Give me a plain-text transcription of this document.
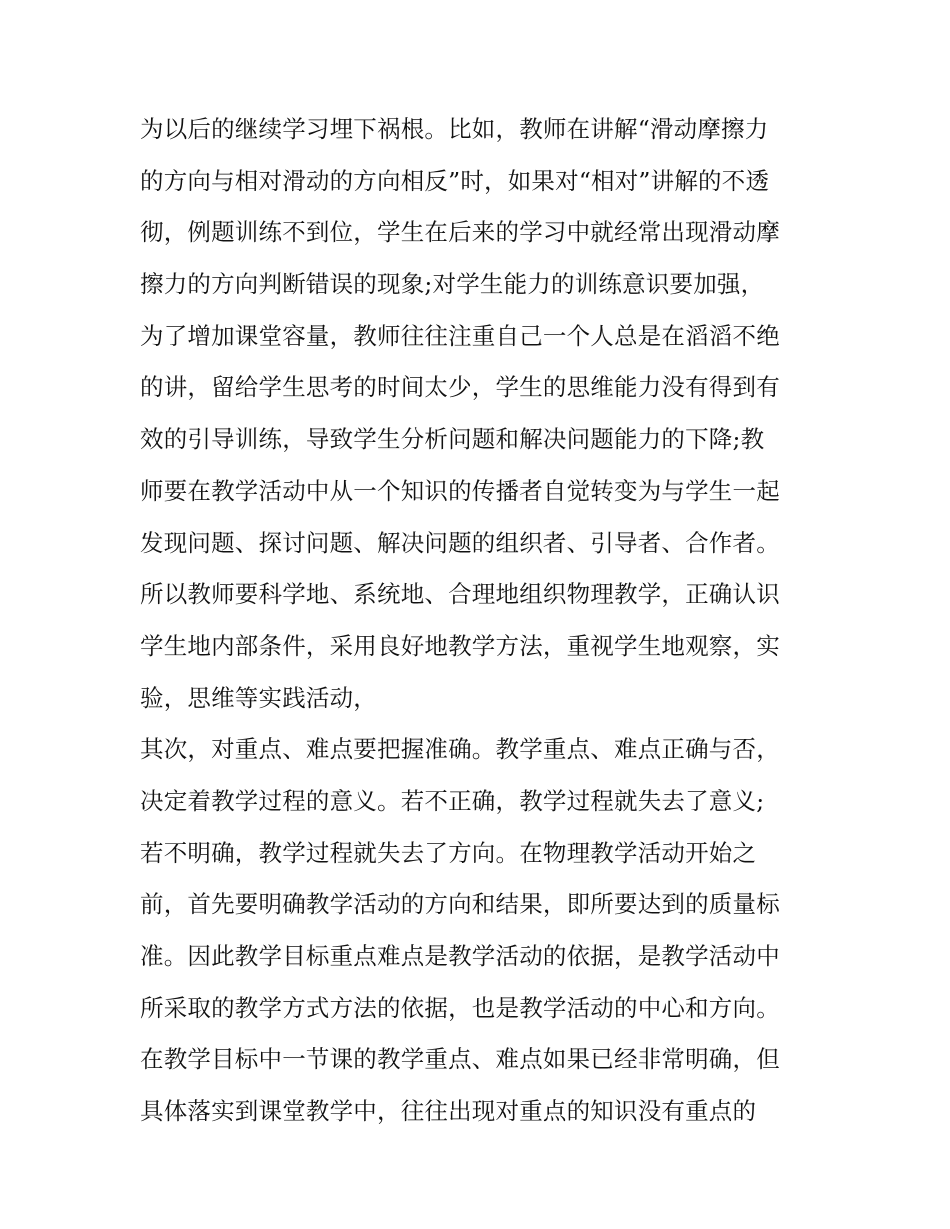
为以后的继续学习埋下祸根。比如，教师在讲解“滑动摩擦力
的方向与相对滑动的方向相反”时，如果对“相对”讲解的不透
彻，例题训练不到位，学生在后来的学习中就经常出现滑动摩
擦力的方向判断错误的现象;对学生能力的训练意识要加强，
为了增加课堂容量，教师往往注重自己一个人总是在滔滔不绝
的讲，留给学生思考的时间太少，学生的思维能力没有得到有
效的引导训练，导致学生分析问题和解决问题能力的下降;教
师要在教学活动中从一个知识的传播者自觉转变为与学生一起
发现问题、探讨问题、解决问题的组织者、引导者、合作者。
所以教师要科学地、系统地、合理地组织物理教学，正确认识
学生地内部条件，采用良好地教学方法，重视学生地观察，实
验，思维等实践活动，
其次，对重点、难点要把握准确。教学重点、难点正确与否，
决定着教学过程的意义。若不正确，教学过程就失去了意义;
若不明确，教学过程就失去了方向。在物理教学活动开始之
前，首先要明确教学活动的方向和结果，即所要达到的质量标
准。因此教学目标重点难点是教学活动的依据，是教学活动中
所采取的教学方式方法的依据，也是教学活动的中心和方向。
在教学目标中一节课的教学重点、难点如果已经非常明确，但
具体落实到课堂教学中，往往出现对重点的知识没有重点的
